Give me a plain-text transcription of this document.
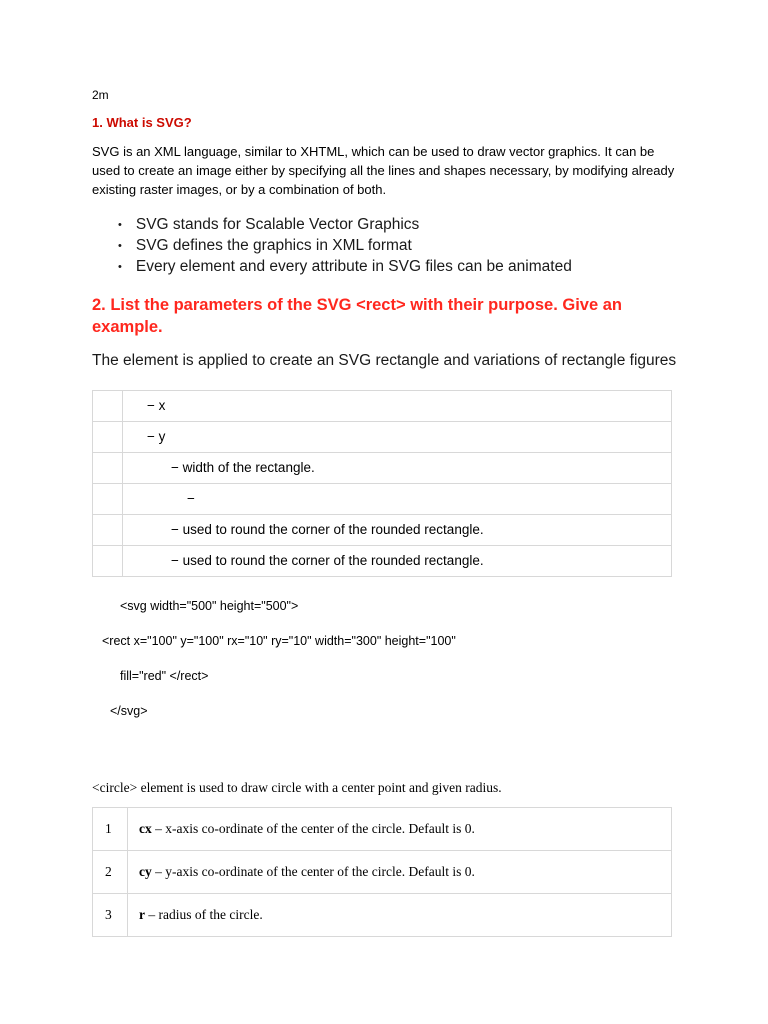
2m
1. What is SVG?

SVG is an XML language, similar to XHTML, which can be used to draw vector graphics. It can be used to create an image either by specifying all the lines and shapes necessary, by modifying already existing raster images, or by a combination of both.

• SVG stands for Scalable Vector Graphics
• SVG defines the graphics in XML format
• Every element and every attribute in SVG files can be animated
2. List the parameters of the SVG <rect> with their purpose. Give an example.

The element is applied to create an SVG rectangle and variations of rectangle figures

	− x
	− y
	− width of the rectangle.
	−
	− used to round the corner of the rounded rectangle.
	− used to round the corner of the rounded rectangle.
<svg width="500" height="500">
<rect x="100" y="100" rx="10" ry="10" width="300" height="100"
fill="red" </rect>
</svg>

<circle> element is used to draw circle with a center point and given radius.

1	cx – x-axis co-ordinate of the center of the circle. Default is 0.
2	cy – y-axis co-ordinate of the center of the circle. Default is 0.
3	r – radius of the circle.
